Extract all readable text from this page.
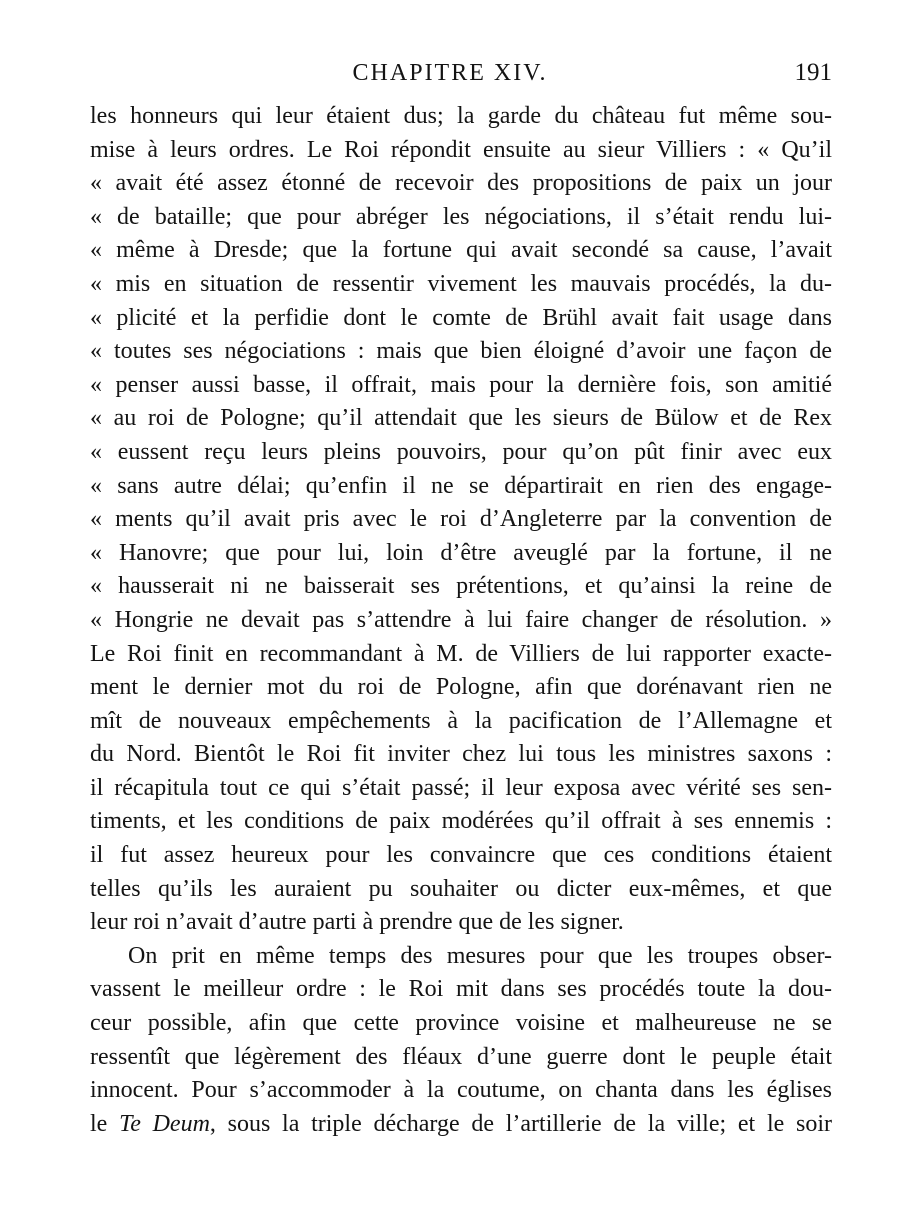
CHAPITRE XIV.	191
les honneurs qui leur étaient dus; la garde du château fut même sou-
mise à leurs ordres. Le Roi répondit ensuite au sieur Villiers : « Qu’il
« avait été assez étonné de recevoir des propositions de paix un jour
« de bataille; que pour abréger les négociations, il s’était rendu lui-
« même à Dresde; que la fortune qui avait secondé sa cause, l’avait
« mis en situation de ressentir vivement les mauvais procédés, la du-
« plicité et la perfidie dont le comte de Brühl avait fait usage dans
« toutes ses négociations : mais que bien éloigné d’avoir une façon de
« penser aussi basse, il offrait, mais pour la dernière fois, son amitié
« au roi de Pologne; qu’il attendait que les sieurs de Bülow et de Rex
« eussent reçu leurs pleins pouvoirs, pour qu’on pût finir avec eux
« sans autre délai; qu’enfin il ne se départirait en rien des engage-
« ments qu’il avait pris avec le roi d’Angleterre par la convention de
« Hanovre; que pour lui, loin d’être aveuglé par la fortune, il ne
« hausserait ni ne baisserait ses prétentions, et qu’ainsi la reine de
« Hongrie ne devait pas s’attendre à lui faire changer de résolution. »
Le Roi finit en recommandant à M. de Villiers de lui rapporter exacte-
ment le dernier mot du roi de Pologne, afin que dorénavant rien ne
mît de nouveaux empêchements à la pacification de l’Allemagne et
du Nord. Bientôt le Roi fit inviter chez lui tous les ministres saxons :
il récapitula tout ce qui s’était passé; il leur exposa avec vérité ses sen-
timents, et les conditions de paix modérées qu’il offrait à ses ennemis :
il fut assez heureux pour les convaincre que ces conditions étaient
telles qu’ils les auraient pu souhaiter ou dicter eux-mêmes, et que
leur roi n’avait d’autre parti à prendre que de les signer.
On prit en même temps des mesures pour que les troupes obser-
vassent le meilleur ordre : le Roi mit dans ses procédés toute la dou-
ceur possible, afin que cette province voisine et malheureuse ne se
ressentît que légèrement des fléaux d’une guerre dont le peuple était
innocent. Pour s’accommoder à la coutume, on chanta dans les églises
le Te Deum, sous la triple décharge de l’artillerie de la ville; et le soir
